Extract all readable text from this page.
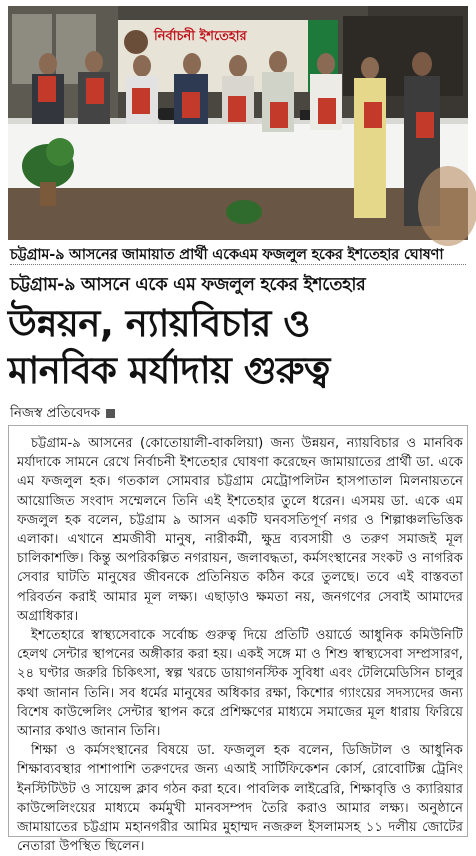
নির্বাচনী ইশতেহার
চট্টগ্রাম-৯ আসনের জামায়াত প্রার্থী একেএম ফজলুল হকের ইশতেহার ঘোষণা
চট্টগ্রাম-৯ আসনে একে এম ফজলুল হকের ইশতেহার
উন্নয়ন, ন্যায়বিচার ও
মানবিক মর্যাদায় গুরুত্ব
নিজস্ব প্রতিবেদক

চট্টগ্রাম-৯ আসনের (কোতোয়ালী-বাকলিয়া) জন্য উন্নয়ন, ন্যায়বিচার ও মানবিক মর্যাদাকে সামনে রেখে নির্বাচনী ইশতেহার ঘোষণা করেছেন জামায়াতের প্রার্থী ডা. একে এম ফজলুল হক। গতকাল সোমবার চট্টগ্রাম মেট্রোপলিটন হাসপাতাল মিলনায়তনে আয়োজিত সংবাদ সম্মেলনে তিনি এই ইশতেহার তুলে ধরেন। এসময় ডা. একে এম ফজলুল হক বলেন, চট্টগ্রাম ৯ আসন একটি ঘনবসতিপূর্ণ নগর ও শিল্পাঞ্চলভিত্তিক এলাকা। এখানে শ্রমজীবী মানুষ, নারীকর্মী, ক্ষুদ্র ব্যবসায়ী ও তরুণ সমাজই মূল চালিকাশক্তি। কিন্তু অপরিকল্পিত নগরায়ন, জলাবদ্ধতা, কর্মসংস্থানের সংকট ও নাগরিক সেবার ঘাটতি মানুষের জীবনকে প্রতিনিয়ত কঠিন করে তুলছে। তবে এই বাস্তবতা পরিবর্তন করাই আমার মূল লক্ষ্য। এছাড়াও ক্ষমতা নয়, জনগণের সেবাই আমাদের অগ্রাধিকার।

ইশতেহারে স্বাস্থ্যসেবাকে সর্বোচ্চ গুরুত্ব দিয়ে প্রতিটি ওয়ার্ডে আধুনিক কমিউনিটি হেলথ সেন্টার স্থাপনের অঙ্গীকার করা হয়। একই সঙ্গে মা ও শিশু স্বাস্থ্যসেবা সম্প্রসারণ, ২৪ ঘণ্টার জরুরি চিকিৎসা, স্বল্প খরচে ডায়াগনস্টিক সুবিধা এবং টেলিমেডিসিন চালুর কথা জানান তিনি। সব ধর্মের মানুষের অধিকার রক্ষা, কিশোর গ্যাংয়ের সদস্যদের জন্য বিশেষ কাউন্সেলিং সেন্টার স্থাপন করে প্রশিক্ষণের মাধ্যমে সমাজের মূল ধারায় ফিরিয়ে আনার কথাও জানান তিনি।

শিক্ষা ও কর্মসংস্থানের বিষয়ে ডা. ফজলুল হক বলেন, ডিজিটাল ও আধুনিক শিক্ষাব্যবস্থার পাশাপাশি তরুণদের জন্য এআই সার্টিফিকেশন কোর্স, রোবোটিক্স ট্রেনিং ইনস্টিটিউট ও সায়েন্স ক্লাব গঠন করা হবে। পাবলিক লাইব্রেরি, শিক্ষাবৃত্তি ও ক্যারিয়ার কাউন্সেলিংয়ের মাধ্যমে কর্মমুখী মানবসম্পদ তৈরি করাও আমার লক্ষ্য। অনুষ্ঠানে জামায়াতের চট্টগ্রাম মহানগরীর আমির মুহাম্মদ নজরুল ইসলামসহ ১১ দলীয় জোটের নেতারা উপস্থিত ছিলেন।
